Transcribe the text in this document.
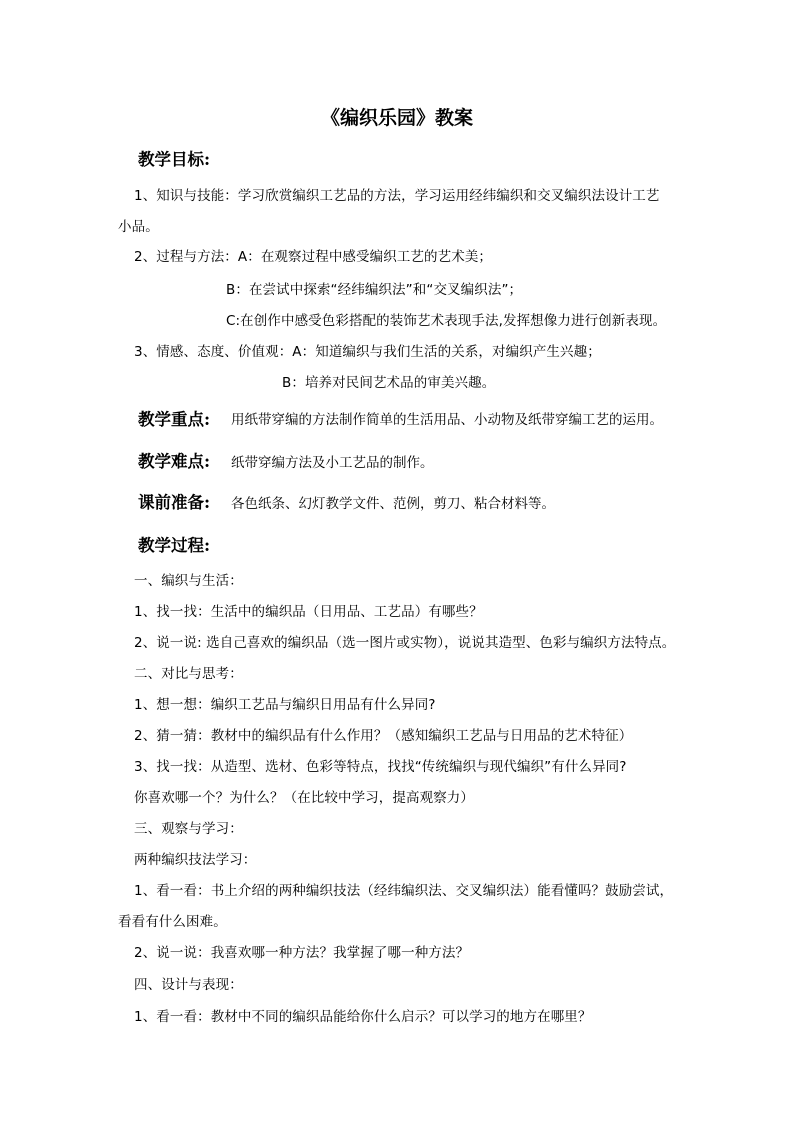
《编织乐园》教案
教学目标:
1、知识与技能：学习欣赏编织工艺品的方法，学习运用经纬编织和交叉编织法设计工艺
小品。
2、过程与方法：A：在观察过程中感受编织工艺的艺术美；
B：在尝试中探索“经纬编织法”和“交叉编织法”；
C:在创作中感受色彩搭配的装饰艺术表现手法,发挥想像力进行创新表现。
3、情感、态度、价值观：A：知道编织与我们生活的关系，对编织产生兴趣；
B：培养对民间艺术品的审美兴趣。
教学重点: 用纸带穿编的方法制作简单的生活用品、小动物及纸带穿编工艺的运用。
教学难点: 纸带穿编方法及小工艺品的制作。
课前准备: 各色纸条、幻灯教学文件、范例，剪刀、粘合材料等。
教学过程:
一、编织与生活：
1、找一找：生活中的编织品（日用品、工艺品）有哪些？
2、说一说: 选自己喜欢的编织品（选一图片或实物），说说其造型、色彩与编织方法特点。
二、对比与思考：
1、想一想：编织工艺品与编织日用品有什么异同?
2、猜一猜：教材中的编织品有什么作用？（感知编织工艺品与日用品的艺术特征）
3、找一找：从造型、选材、色彩等特点，找找“传统编织与现代编织”有什么异同?
你喜欢哪一个？为什么？（在比较中学习，提高观察力）
三、观察与学习：
两种编织技法学习：
1、看一看：书上介绍的两种编织技法（经纬编织法、交叉编织法）能看懂吗？鼓励尝试，
看看有什么困难。
2、说一说：我喜欢哪一种方法？我掌握了哪一种方法？
四、设计与表现：
1、看一看：教材中不同的编织品能给你什么启示？可以学习的地方在哪里？
